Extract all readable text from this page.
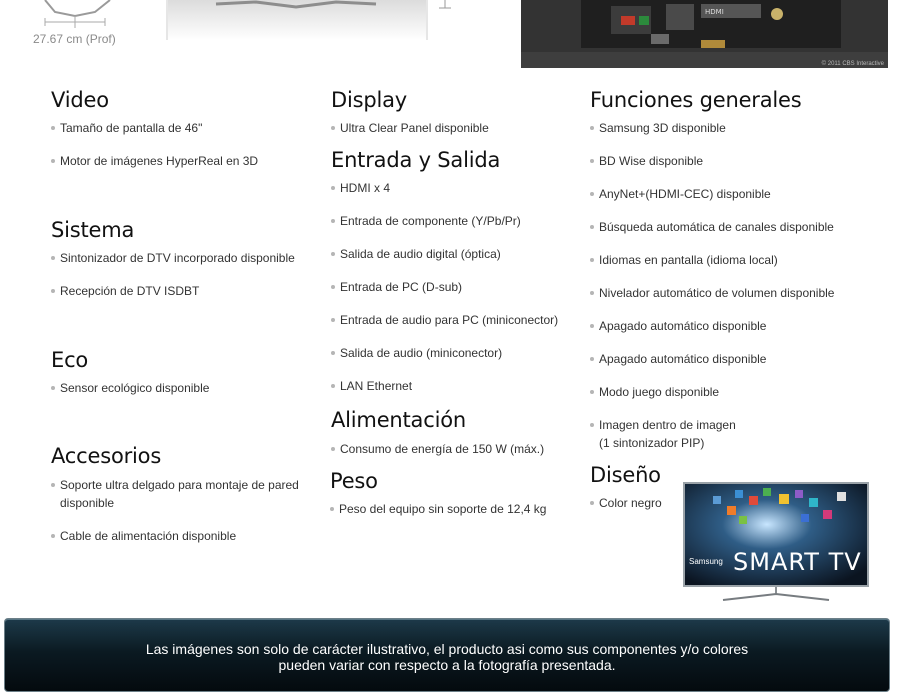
27.67 cm (Prof)
HDMI
© 2011 CBS Interactive
Video
Tamaño de pantalla de 46"
Motor de imágenes HyperReal en 3D
Sistema
Sintonizador de DTV incorporado disponible
Recepción de DTV ISDBT
Eco
Sensor ecológico disponible
Accesorios
Soporte ultra delgado para montaje de pared
disponible
Cable de alimentación disponible
Display
Ultra Clear Panel disponible
Entrada y Salida
HDMI x 4
Entrada de componente (Y/Pb/Pr)
Salida de audio digital (óptica)
Entrada de PC (D-sub)
Entrada de audio para PC (miniconector)
Salida de audio (miniconector)
LAN Ethernet
Alimentación
Consumo de energía de 150 W (máx.)
Peso
Peso del equipo sin soporte de 12,4 kg
Funciones generales
Samsung 3D disponible
BD Wise disponible
AnyNet+(HDMI-CEC) disponible
Búsqueda automática de canales disponible
Idiomas en pantalla (idioma local)
Nivelador automático de volumen disponible
Apagado automático disponible
Apagado automático disponible
Modo juego disponible
Imagen dentro de imagen
(1 sintonizador PIP)
Diseño
Color negro
Samsung SMART TV
Las imágenes son solo de carácter ilustrativo, el producto asi como sus componentes y/o colores
pueden variar con respecto a la fotografía presentada.
